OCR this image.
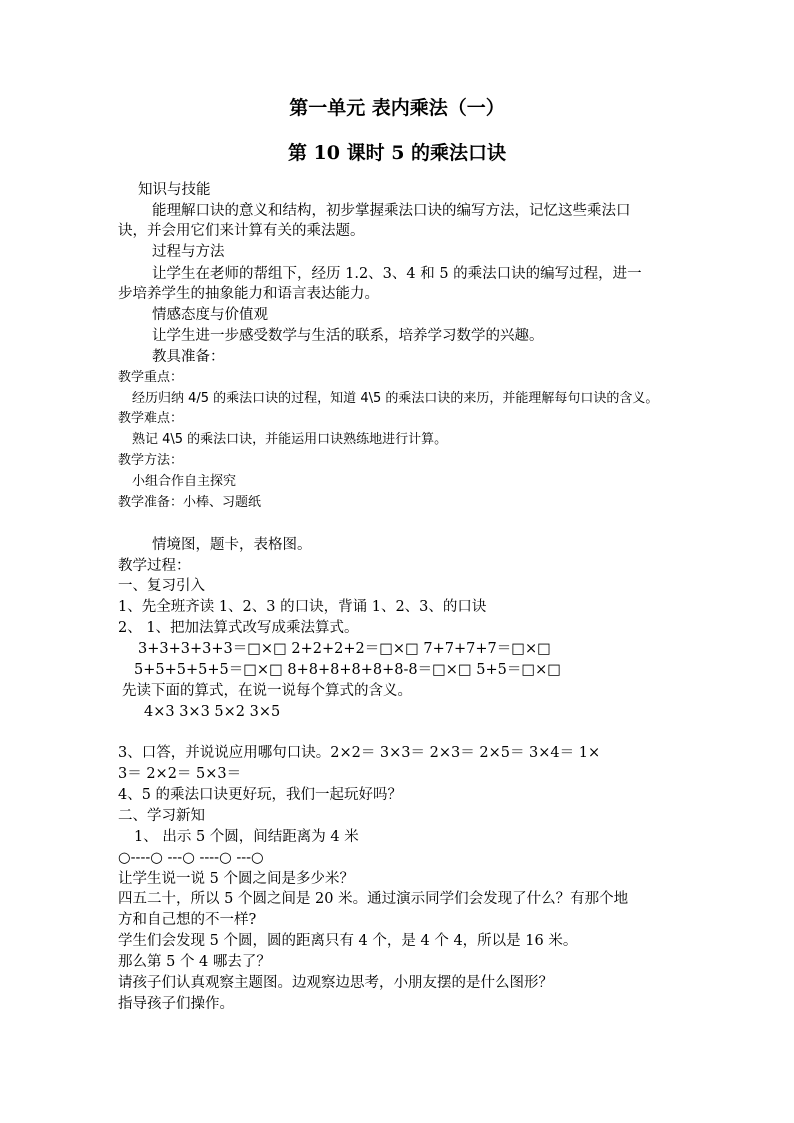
第一单元 表内乘法（一）
第 10 课时 5 的乘法口诀
知识与技能
能理解口诀的意义和结构，初步掌握乘法口诀的编写方法，记忆这些乘法口
诀，并会用它们来计算有关的乘法题。
过程与方法
让学生在老师的帮组下，经历 1.2、3、4 和 5 的乘法口诀的编写过程，进一
步培养学生的抽象能力和语言表达能力。
情感态度与价值观
让学生进一步感受数学与生活的联系，培养学习数学的兴趣。
教具准备：
教学重点：
经历归纳 4/5 的乘法口诀的过程，知道 4\5 的乘法口诀的来历，并能理解每句口诀的含义。
教学难点：
熟记 4\5 的乘法口诀，并能运用口诀熟练地进行计算。
教学方法：
小组合作自主探究
教学准备：小棒、习题纸
情境图，题卡，表格图。
教学过程：
一、复习引入
1、先全班齐读 1、2、3 的口诀，背诵 1、2、3、的口诀
2、 1、把加法算式改写成乘法算式。
3+3+3+3+3＝□×□ 2+2+2+2＝□×□ 7+7+7+7＝□×□
5+5+5+5+5＝□×□ 8+8+8+8+8+8-8＝□×□ 5+5＝□×□
先读下面的算式，在说一说每个算式的含义。
4×3 3×3 5×2 3×5
3、口答，并说说应用哪句口诀。2×2＝ 3×3＝ 2×3＝ 2×5＝ 3×4＝ 1×
3＝ 2×2＝ 5×3＝
4、5 的乘法口诀更好玩，我们一起玩好吗？
二、学习新知
1、 出示 5 个圆，间结距离为 4 米
○----○ ---○ ----○ ---○
让学生说一说 5 个圆之间是多少米？
四五二十，所以 5 个圆之间是 20 米。通过演示同学们会发现了什么？有那个地
方和自己想的不一样?
学生们会发现 5 个圆，圆的距离只有 4 个，是 4 个 4，所以是 16 米。
那么第 5 个 4 哪去了？
请孩子们认真观察主题图。边观察边思考，小朋友摆的是什么图形？
指导孩子们操作。
